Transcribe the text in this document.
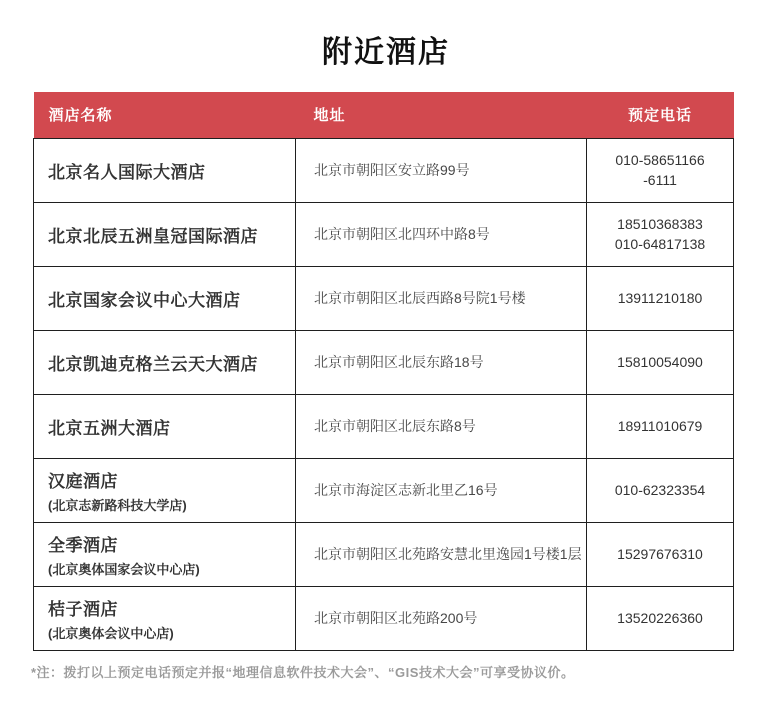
附近酒店
酒店名称	地址	预定电话

北京名人国际大酒店	北京市朝阳区安立路99号	010-58651166
-6111

北京北辰五洲皇冠国际酒店	北京市朝阳区北四环中路8号	18510368383
010-64817138

北京国家会议中心大酒店	北京市朝阳区北辰西路8号院1号楼	13911210180

北京凯迪克格兰云天大酒店	北京市朝阳区北辰东路18号	15810054090

北京五洲大酒店	北京市朝阳区北辰东路8号	18911010679

汉庭酒店
(北京志新路科技大学店)	北京市海淀区志新北里乙16号	010-62323354

全季酒店
(北京奥体国家会议中心店)	北京市朝阳区北苑路安慧北里逸园1号楼1层	15297676310

桔子酒店
(北京奥体会议中心店)	北京市朝阳区北苑路200号	13520226360

*注：拨打以上预定电话预定并报“地理信息软件技术大会”、“GIS技术大会”可享受协议价。
